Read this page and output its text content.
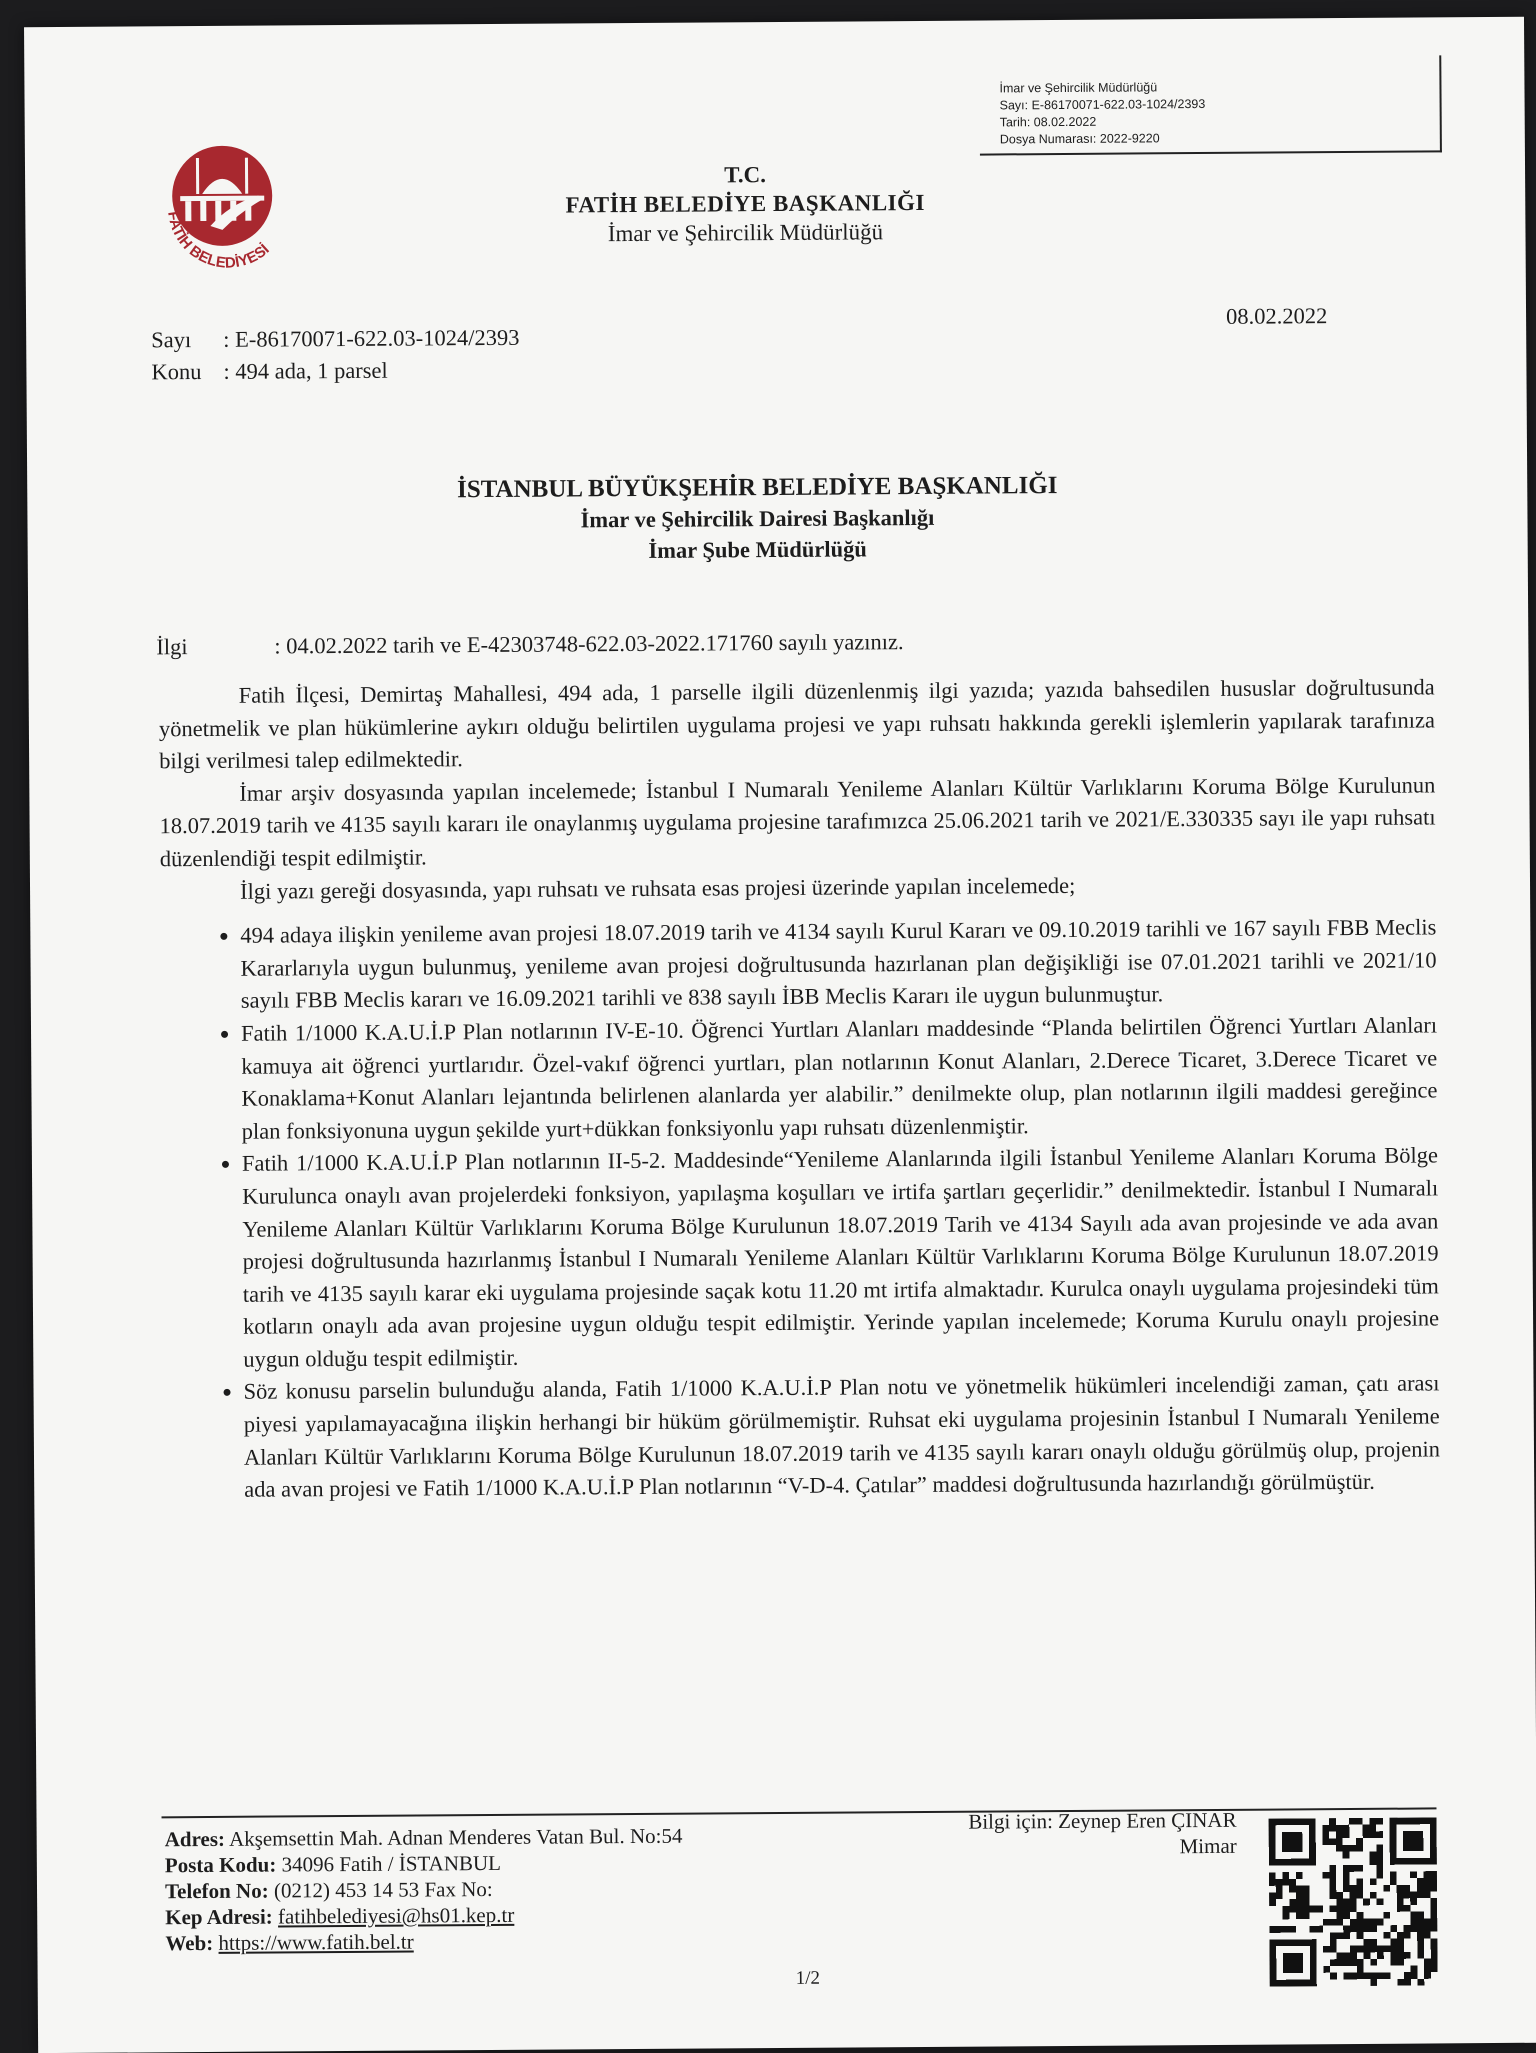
İmar ve Şehircilik Müdürlüğü
Sayı: E-86170071-622.03-1024/2393
Tarih: 08.02.2022
Dosya Numarası: 2022-9220
FATİH BELEDİYESİ
T.C.
FATİH BELEDİYE BAŞKANLIĞI
İmar ve Şehircilik Müdürlüğü
Sayı : E-86170071-622.03-1024/2393
Konu : 494 ada, 1 parsel
08.02.2022
İSTANBUL BÜYÜKŞEHİR BELEDİYE BAŞKANLIĞI
İmar ve Şehircilik Dairesi Başkanlığı
İmar Şube Müdürlüğü
İlgi	: 04.02.2022 tarih ve E-42303748-622.03-2022.171760 sayılı yazınız.

Fatih İlçesi, Demirtaş Mahallesi, 494 ada, 1 parselle ilgili düzenlenmiş ilgi yazıda; yazıda bahsedilen hususlar doğrultusunda yönetmelik ve plan hükümlerine aykırı olduğu belirtilen uygulama projesi ve yapı ruhsatı hakkında gerekli işlemlerin yapılarak tarafınıza bilgi verilmesi talep edilmektedir.

İmar arşiv dosyasında yapılan incelemede; İstanbul I Numaralı Yenileme Alanları Kültür Varlıklarını Koruma Bölge Kurulunun 18.07.2019 tarih ve 4135 sayılı kararı ile onaylanmış uygulama projesine tarafımızca 25.06.2021 tarih ve 2021/E.330335 sayı ile yapı ruhsatı düzenlendiği tespit edilmiştir.

İlgi yazı gereği dosyasında, yapı ruhsatı ve ruhsata esas projesi üzerinde yapılan incelemede;

• 494 adaya ilişkin yenileme avan projesi 18.07.2019 tarih ve 4134 sayılı Kurul Kararı ve 09.10.2019 tarihli ve 167 sayılı FBB Meclis Kararlarıyla uygun bulunmuş, yenileme avan projesi doğrultusunda hazırlanan plan değişikliği ise 07.01.2021 tarihli ve 2021/10 sayılı FBB Meclis kararı ve 16.09.2021 tarihli ve 838 sayılı İBB Meclis Kararı ile uygun bulunmuştur.
• Fatih 1/1000 K.A.U.İ.P Plan notlarının IV-E-10. Öğrenci Yurtları Alanları maddesinde “Planda belirtilen Öğrenci Yurtları Alanları kamuya ait öğrenci yurtlarıdır. Özel-vakıf öğrenci yurtları, plan notlarının Konut Alanları, 2.Derece Ticaret, 3.Derece Ticaret ve Konaklama+Konut Alanları lejantında belirlenen alanlarda yer alabilir.” denilmekte olup, plan notlarının ilgili maddesi gereğince plan fonksiyonuna uygun şekilde yurt+dükkan fonksiyonlu yapı ruhsatı düzenlenmiştir.
• Fatih 1/1000 K.A.U.İ.P Plan notlarının II-5-2. Maddesinde“Yenileme Alanlarında ilgili İstanbul Yenileme Alanları Koruma Bölge Kurulunca onaylı avan projelerdeki fonksiyon, yapılaşma koşulları ve irtifa şartları geçerlidir.” denilmektedir. İstanbul I Numaralı Yenileme Alanları Kültür Varlıklarını Koruma Bölge Kurulunun 18.07.2019 Tarih ve 4134 Sayılı ada avan projesinde ve ada avan projesi doğrultusunda hazırlanmış İstanbul I Numaralı Yenileme Alanları Kültür Varlıklarını Koruma Bölge Kurulunun 18.07.2019 tarih ve 4135 sayılı karar eki uygulama projesinde saçak kotu 11.20 mt irtifa almaktadır. Kurulca onaylı uygulama projesindeki tüm kotların onaylı ada avan projesine uygun olduğu tespit edilmiştir. Yerinde yapılan incelemede; Koruma Kurulu onaylı projesine uygun olduğu tespit edilmiştir.
• Söz konusu parselin bulunduğu alanda, Fatih 1/1000 K.A.U.İ.P Plan notu ve yönetmelik hükümleri incelendiği zaman, çatı arası piyesi yapılamayacağına ilişkin herhangi bir hüküm görülmemiştir. Ruhsat eki uygulama projesinin İstanbul I Numaralı Yenileme Alanları Kültür Varlıklarını Koruma Bölge Kurulunun 18.07.2019 tarih ve 4135 sayılı kararı onaylı olduğu görülmüş olup, projenin ada avan projesi ve Fatih 1/1000 K.A.U.İ.P Plan notlarının “V-D-4. Çatılar” maddesi doğrultusunda hazırlandığı görülmüştür.
Adres: Akşemsettin Mah. Adnan Menderes Vatan Bul. No:54
Posta Kodu: 34096 Fatih / İSTANBUL
Telefon No: (0212) 453 14 53 Fax No:
Kep Adresi: fatihbelediyesi@hs01.kep.tr
Web: https://www.fatih.bel.tr
Bilgi için: Zeynep Eren ÇINAR
Mimar
1/2
